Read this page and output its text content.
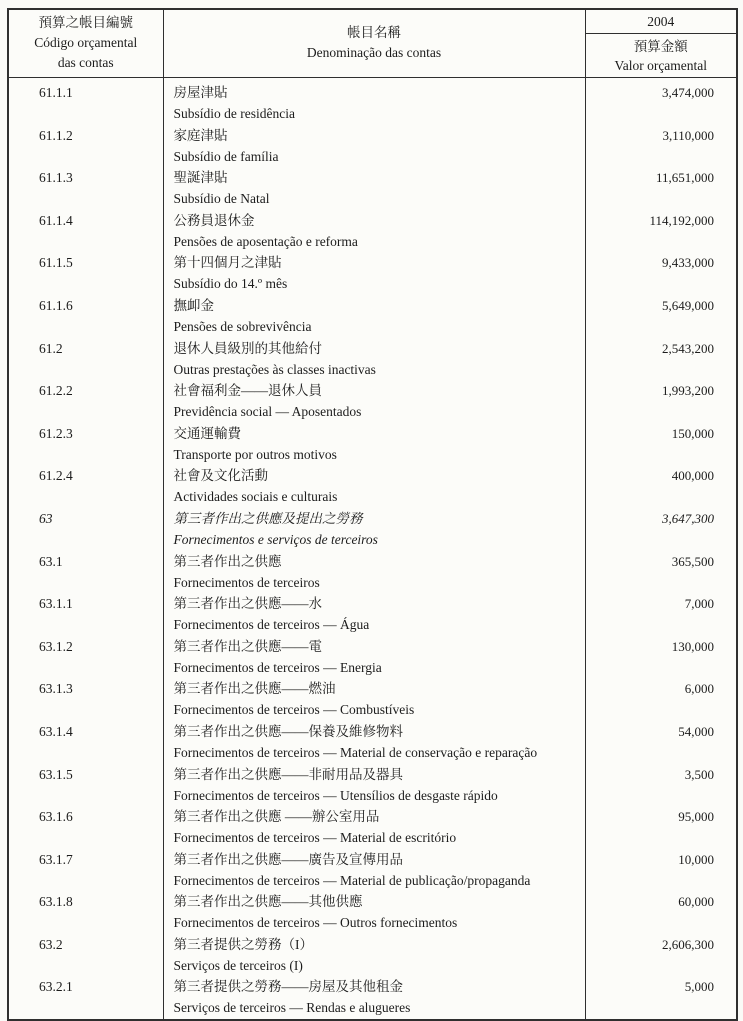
預算之帳目編號
Código orçamental
das contas

帳目名稱
Denominação das contas

2004
預算金額
Valor orçamental

61.1.1	房屋津貼
Subsídio de residência	3,474,000
61.1.2	家庭津貼
Subsídio de família	3,110,000
61.1.3	聖誕津貼
Subsídio de Natal	11,651,000
61.1.4	公務員退休金
Pensões de aposentação e reforma	114,192,000
61.1.5	第十四個月之津貼
Subsídio do 14.º mês	9,433,000
61.1.6	撫卹金
Pensões de sobrevivência	5,649,000
61.2	退休人員級別的其他給付
Outras prestações às classes inactivas	2,543,200
61.2.2	社會福利金——退休人員
Previdência social — Aposentados	1,993,200
61.2.3	交通運輸費
Transporte por outros motivos	150,000
61.2.4	社會及文化活動
Actividades sociais e culturais	400,000
63	第三者作出之供應及提出之勞務
Fornecimentos e serviços de terceiros	3,647,300
63.1	第三者作出之供應
Fornecimentos de terceiros	365,500
63.1.1	第三者作出之供應——水
Fornecimentos de terceiros — Água	7,000
63.1.2	第三者作出之供應——電
Fornecimentos de terceiros — Energia	130,000
63.1.3	第三者作出之供應——燃油
Fornecimentos de terceiros — Combustíveis	6,000
63.1.4	第三者作出之供應——保養及維修物料
Fornecimentos de terceiros — Material de conservação e reparação	54,000
63.1.5	第三者作出之供應——非耐用品及器具
Fornecimentos de terceiros — Utensílios de desgaste rápido	3,500
63.1.6	第三者作出之供應 ——辦公室用品
Fornecimentos de terceiros — Material de escritório	95,000
63.1.7	第三者作出之供應——廣告及宣傳用品
Fornecimentos de terceiros — Material de publicação/propaganda	10,000
63.1.8	第三者作出之供應——其他供應
Fornecimentos de terceiros — Outros fornecimentos	60,000
63.2	第三者提供之勞務（I）
Serviços de terceiros (I)	2,606,300
63.2.1	第三者提供之勞務——房屋及其他租金
Serviços de terceiros — Rendas e alugueres	5,000
